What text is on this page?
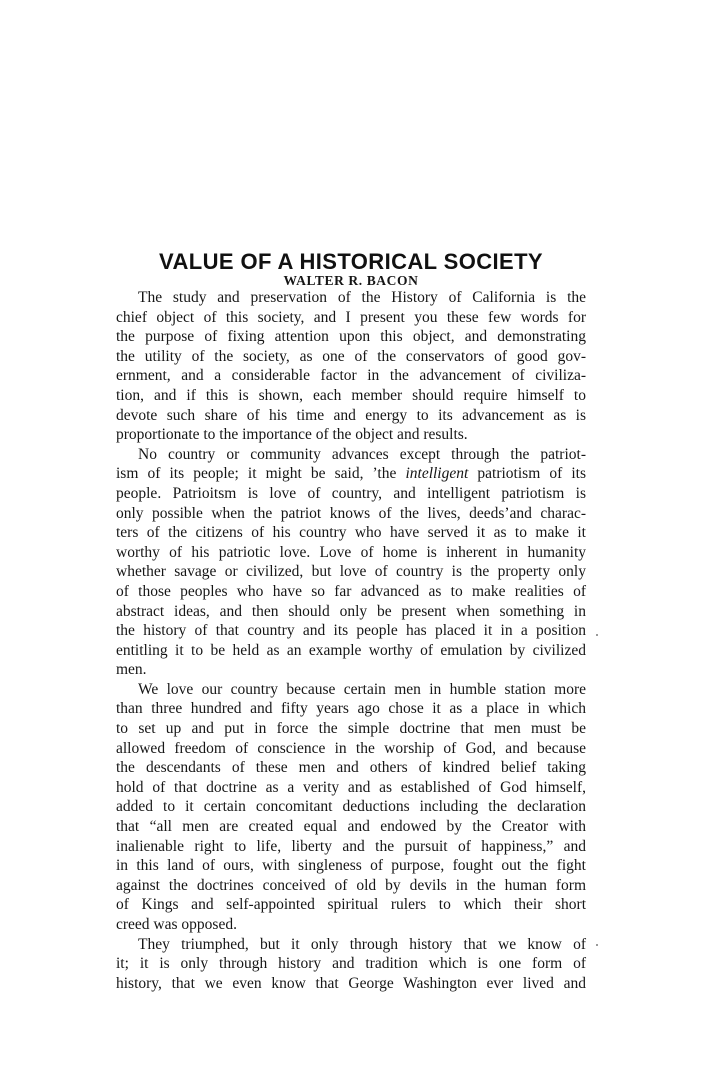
VALUE OF A HISTORICAL SOCIETY
WALTER R. BACON
The study and preservation of the History of California is the
chief object of this society, and I present you these few words for
the purpose of fixing attention upon this object, and demonstrating
the utility of the society, as one of the conservators of good gov-
ernment, and a considerable factor in the advancement of civiliza-
tion, and if this is shown, each member should require himself to
devote such share of his time and energy to its advancement as is
proportionate to the importance of the object and results.
No country or community advances except through the patriot-
ism of its people; it might be said, ’the intelligent patriotism of its
people. Patrioitsm is love of country, and intelligent patriotism is
only possible when the patriot knows of the lives, deeds’and charac-
ters of the citizens of his country who have served it as to make it
worthy of his patriotic love. Love of home is inherent in humanity
whether savage or civilized, but love of country is the property only
of those peoples who have so far advanced as to make realities of
abstract ideas, and then should only be present when something in
the history of that country and its people has placed it in a position
entitling it to be held as an example worthy of emulation by civilized
men.
We love our country because certain men in humble station more
than three hundred and fifty years ago chose it as a place in which
to set up and put in force the simple doctrine that men must be
allowed freedom of conscience in the worship of God, and because
the descendants of these men and others of kindred belief taking
hold of that doctrine as a verity and as established of God himself,
added to it certain concomitant deductions including the declaration
that “all men are created equal and endowed by the Creator with
inalienable right to life, liberty and the pursuit of happiness,” and
in this land of ours, with singleness of purpose, fought out the fight
against the doctrines conceived of old by devils in the human form
of Kings and self-appointed spiritual rulers to which their short
creed was opposed.
They triumphed, but it only through history that we know of
it; it is only through history and tradition which is one form of
history, that we even know that George Washington ever lived and
